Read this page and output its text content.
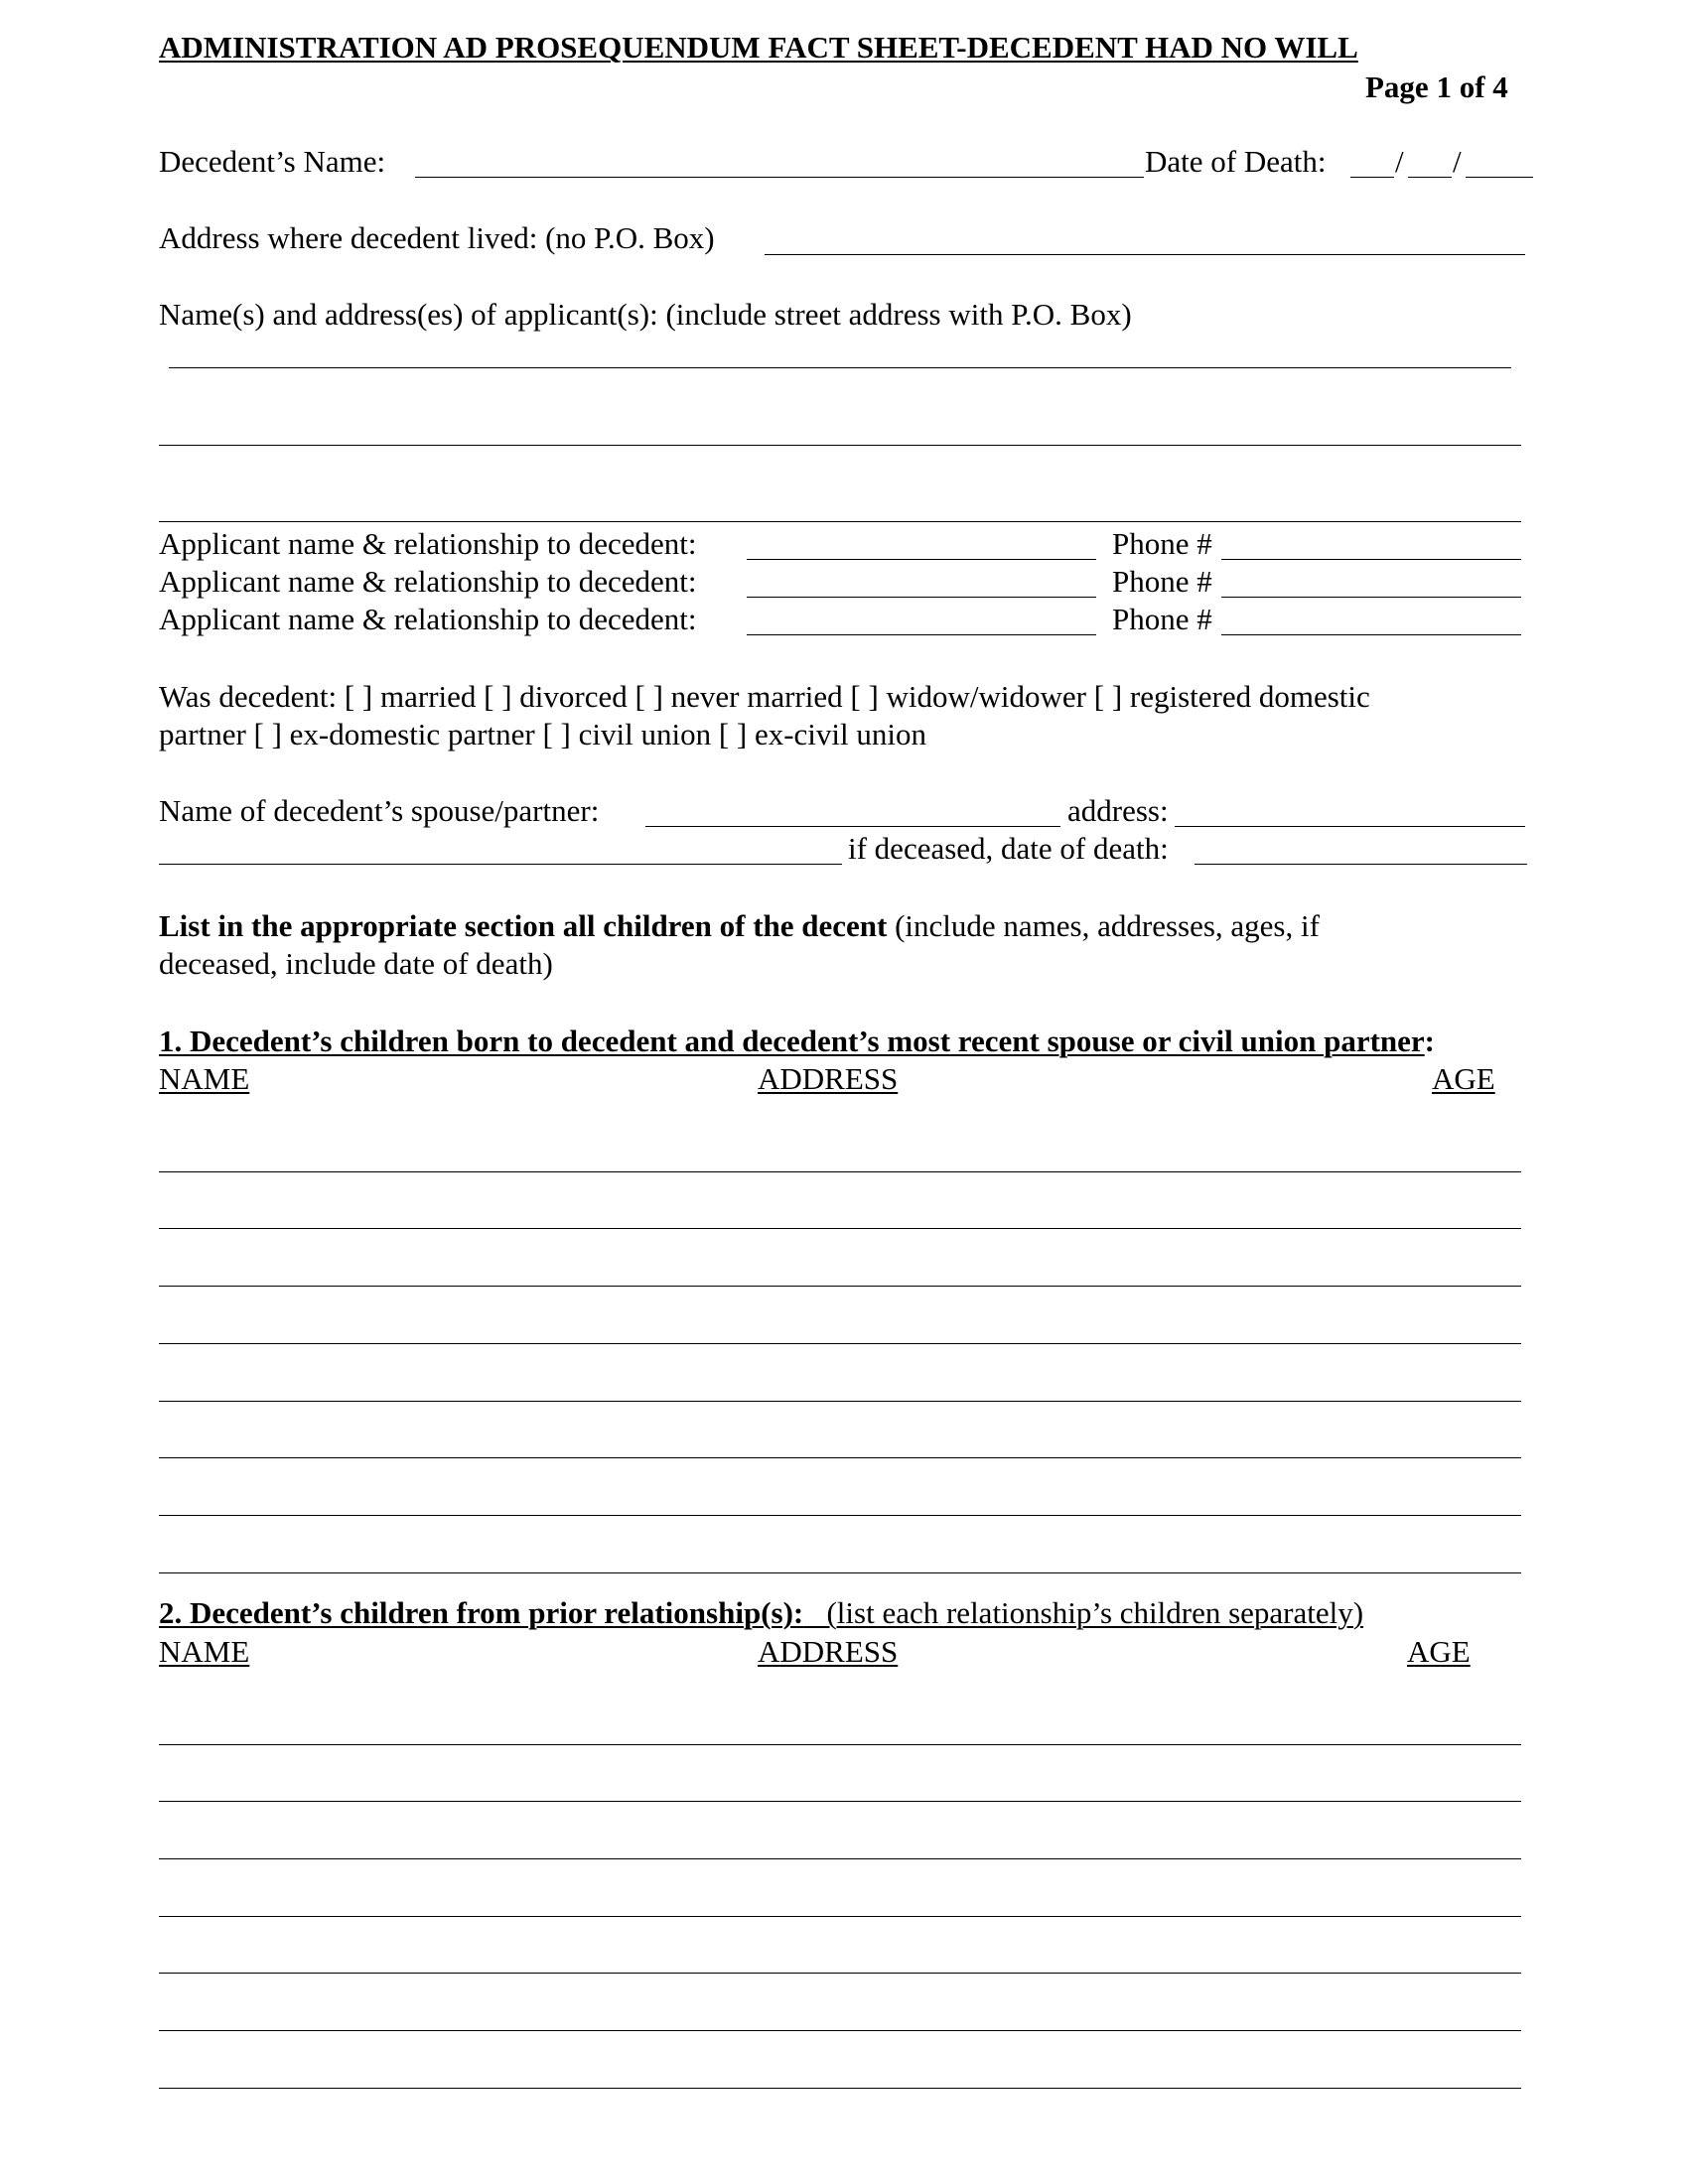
ADMINISTRATION AD PROSEQUENDUM FACT SHEET-DECEDENT HAD NO WILL
Page 1 of 4
Decedent’s Name:	Date of Death: / /
Address where decedent lived: (no P.O. Box)
Name(s) and address(es) of applicant(s): (include street address with P.O. Box)
Applicant name & relationship to decedent:	Phone #
Applicant name & relationship to decedent:	Phone #
Applicant name & relationship to decedent:	Phone #
Was decedent: [ ] married [ ] divorced [ ] never married [ ] widow/widower [ ] registered domestic
partner [ ] ex-domestic partner [ ] civil union [ ] ex-civil union
Name of decedent’s spouse/partner:	address:
if deceased, date of death:
List in the appropriate section all children of the decent (include names, addresses, ages, if
deceased, include date of death)
1. Decedent’s children born to decedent and decedent’s most recent spouse or civil union partner:
NAME	ADDRESS	AGE
2. Decedent’s children from prior relationship(s):   (list each relationship’s children separately)
NAME	ADDRESS	AGE
